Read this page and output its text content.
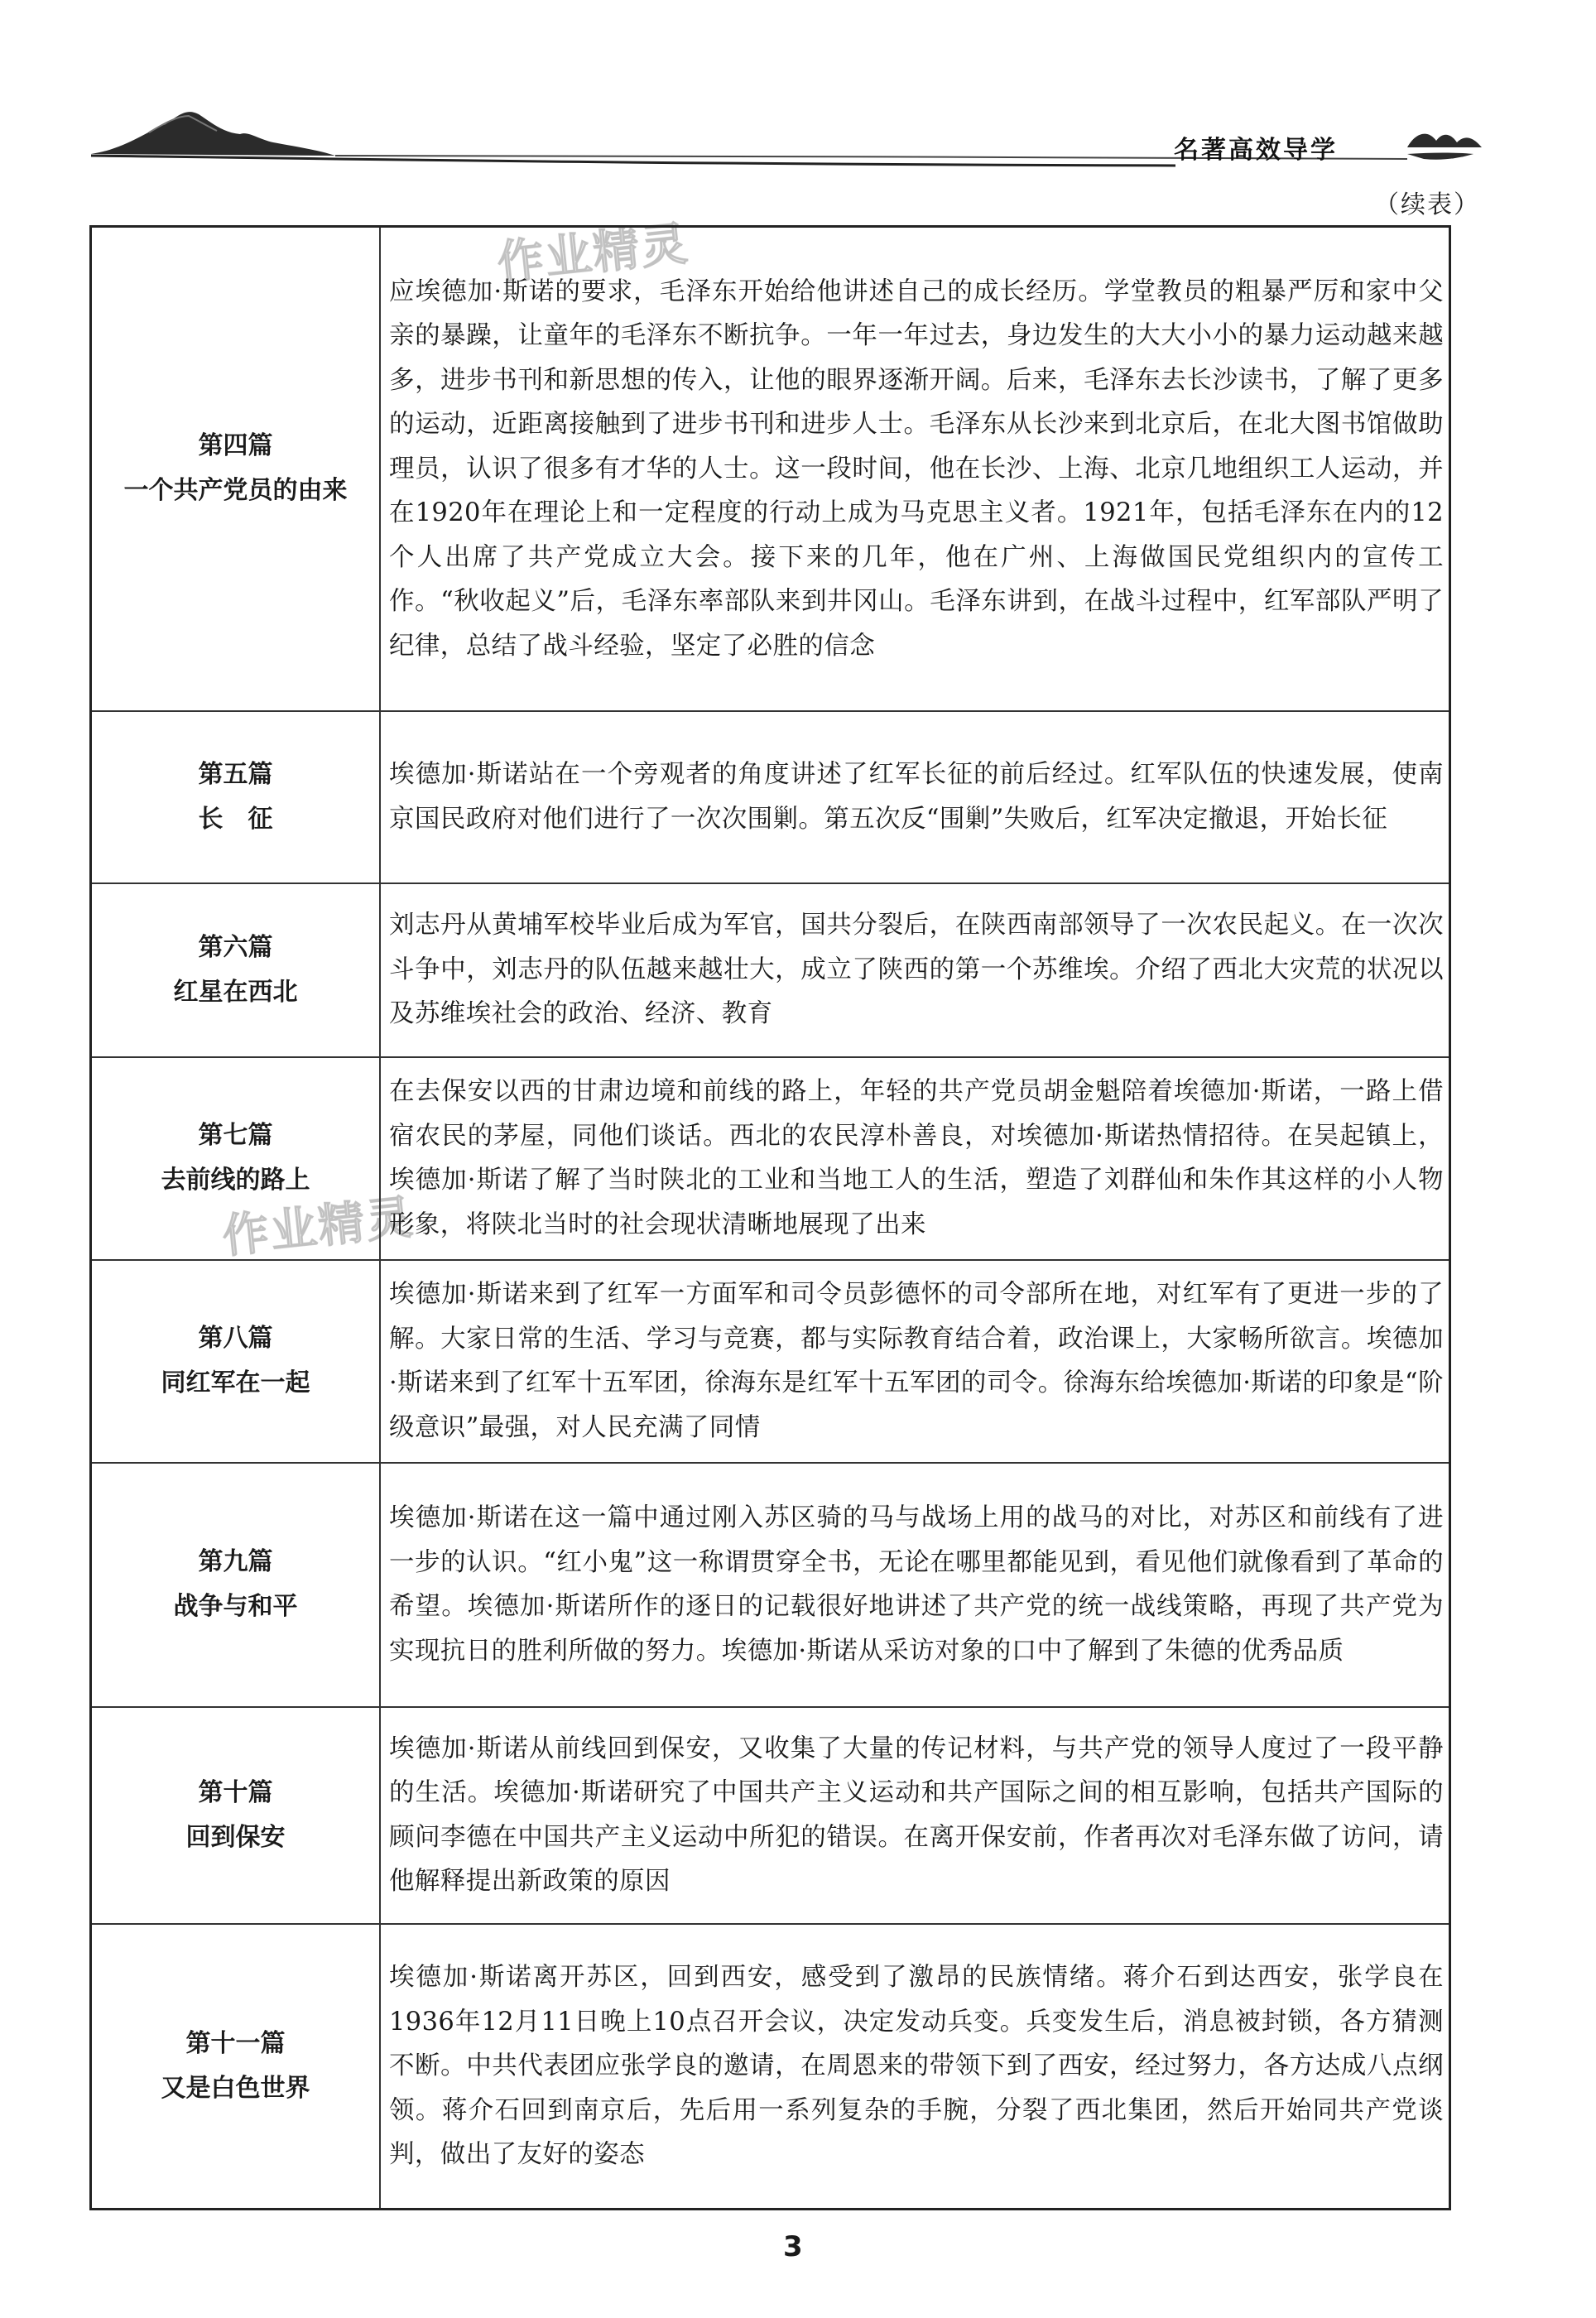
名著高效导学
（续表）
作业精灵
作业精灵
第四篇
一个共产党员的由来	应埃德加·斯诺的要求，毛泽东开始给他讲述自己的成长经历。学堂教员的粗暴严厉和家中父亲的暴躁，让童年的毛泽东不断抗争。一年一年过去，身边发生的大大小小的暴力运动越来越多，进步书刊和新思想的传入，让他的眼界逐渐开阔。后来，毛泽东去长沙读书，了解了更多的运动，近距离接触到了进步书刊和进步人士。毛泽东从长沙来到北京后，在北大图书馆做助理员，认识了很多有才华的人士。这一段时间，他在长沙、上海、北京几地组织工人运动，并在1920年在理论上和一定程度的行动上成为马克思主义者。1921年，包括毛泽东在内的12个人出席了共产党成立大会。接下来的几年，他在广州、上海做国民党组织内的宣传工作。“秋收起义”后，毛泽东率部队来到井冈山。毛泽东讲到，在战斗过程中，红军部队严明了纪律，总结了战斗经验，坚定了必胜的信念

第五篇
长　征	埃德加·斯诺站在一个旁观者的角度讲述了红军长征的前后经过。红军队伍的快速发展，使南京国民政府对他们进行了一次次围剿。第五次反“围剿”失败后，红军决定撤退，开始长征

第六篇
红星在西北	刘志丹从黄埔军校毕业后成为军官，国共分裂后，在陕西南部领导了一次农民起义。在一次次斗争中，刘志丹的队伍越来越壮大，成立了陕西的第一个苏维埃。介绍了西北大灾荒的状况以及苏维埃社会的政治、经济、教育

第七篇
去前线的路上	在去保安以西的甘肃边境和前线的路上，年轻的共产党员胡金魁陪着埃德加·斯诺，一路上借宿农民的茅屋，同他们谈话。西北的农民淳朴善良，对埃德加·斯诺热情招待。在吴起镇上，埃德加·斯诺了解了当时陕北的工业和当地工人的生活，塑造了刘群仙和朱作其这样的小人物形象，将陕北当时的社会现状清晰地展现了出来

第八篇
同红军在一起	埃德加·斯诺来到了红军一方面军和司令员彭德怀的司令部所在地，对红军有了更进一步的了解。大家日常的生活、学习与竞赛，都与实际教育结合着，政治课上，大家畅所欲言。埃德加·斯诺来到了红军十五军团，徐海东是红军十五军团的司令。徐海东给埃德加·斯诺的印象是“阶级意识”最强，对人民充满了同情

第九篇
战争与和平	埃德加·斯诺在这一篇中通过刚入苏区骑的马与战场上用的战马的对比，对苏区和前线有了进一步的认识。“红小鬼”这一称谓贯穿全书，无论在哪里都能见到，看见他们就像看到了革命的希望。埃德加·斯诺所作的逐日的记载很好地讲述了共产党的统一战线策略，再现了共产党为实现抗日的胜利所做的努力。埃德加·斯诺从采访对象的口中了解到了朱德的优秀品质

第十篇
回到保安	埃德加·斯诺从前线回到保安，又收集了大量的传记材料，与共产党的领导人度过了一段平静的生活。埃德加·斯诺研究了中国共产主义运动和共产国际之间的相互影响，包括共产国际的顾问李德在中国共产主义运动中所犯的错误。在离开保安前，作者再次对毛泽东做了访问，请他解释提出新政策的原因

第十一篇
又是白色世界	埃德加·斯诺离开苏区，回到西安，感受到了激昂的民族情绪。蒋介石到达西安，张学良在1936年12月11日晚上10点召开会议，决定发动兵变。兵变发生后，消息被封锁，各方猜测不断。中共代表团应张学良的邀请，在周恩来的带领下到了西安，经过努力，各方达成八点纲领。蒋介石回到南京后，先后用一系列复杂的手腕，分裂了西北集团，然后开始同共产党谈判，做出了友好的姿态
3
